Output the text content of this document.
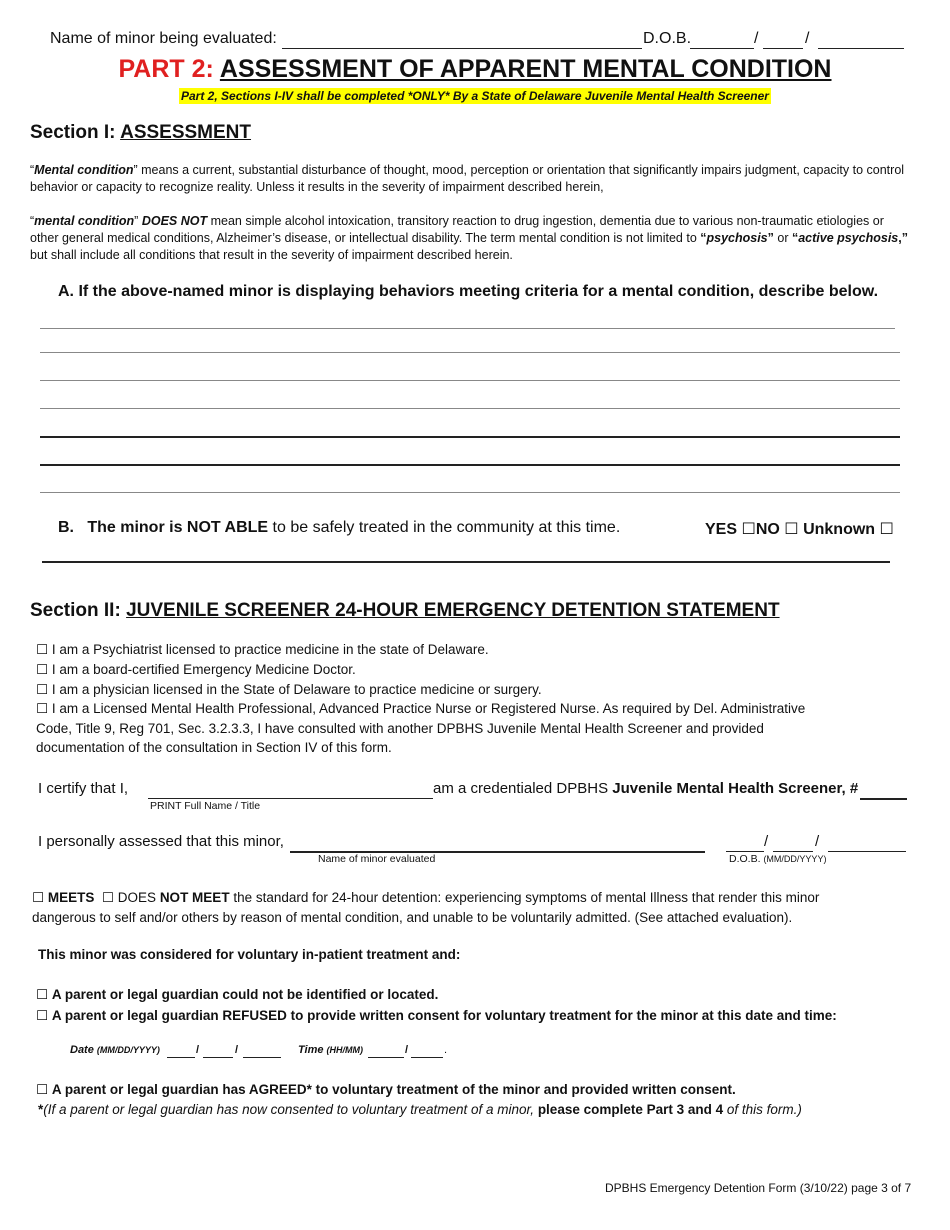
Name of minor being evaluated:	D.O.B.	/	/
PART 2: ASSESSMENT OF APPARENT MENTAL CONDITION
Part 2, Sections I-IV shall be completed *ONLY* By a State of Delaware Juvenile Mental Health Screener
Section I: ASSESSMENT
“Mental condition” means a current, substantial disturbance of thought, mood, perception or orientation that significantly impairs judgment, capacity to control behavior or capacity to recognize reality. Unless it results in the severity of impairment described herein,
“mental condition” DOES NOT mean simple alcohol intoxication, transitory reaction to drug ingestion, dementia due to various non-traumatic etiologies or other general medical conditions, Alzheimer’s disease, or intellectual disability. The term mental condition is not limited to “psychosis” or “active psychosis,” but shall include all conditions that result in the severity of impairment described herein.
A. If the above-named minor is displaying behaviors meeting criteria for a mental condition, describe below.
B. The minor is NOT ABLE to be safely treated in the community at this time.	YES ☐NO ☐ Unknown ☐
Section II: JUVENILE SCREENER 24-HOUR EMERGENCY DETENTION STATEMENT
☐ I am a Psychiatrist licensed to practice medicine in the state of Delaware.
☐ I am a board-certified Emergency Medicine Doctor.
☐ I am a physician licensed in the State of Delaware to practice medicine or surgery.
☐ I am a Licensed Mental Health Professional, Advanced Practice Nurse or Registered Nurse. As required by Del. Administrative
Code, Title 9, Reg 701, Sec. 3.2.3.3, I have consulted with another DPBHS Juvenile Mental Health Screener and provided
documentation of the consultation in Section IV of this form.
I certify that I,	am a credentialed DPBHS Juvenile Mental Health Screener, #
PRINT Full Name / Title
I personally assessed that this minor,
Name of minor evaluated
/	/
D.O.B. (MM/DD/YYYY)
☐ MEETS ☐ DOES NOT MEET the standard for 24-hour detention: experiencing symptoms of mental Illness that render this minor
dangerous to self and/or others by reason of mental condition, and unable to be voluntarily admitted. (See attached evaluation).
This minor was considered for voluntary in-patient treatment and:
☐ A parent or legal guardian could not be identified or located.
☐ A parent or legal guardian REFUSED to provide written consent for voluntary treatment for the minor at this date and time:
Date (MM/DD/YYYY)	/	/	Time (HH/MM)	/	.
☐ A parent or legal guardian has AGREED* to voluntary treatment of the minor and provided written consent.
*(If a parent or legal guardian has now consented to voluntary treatment of a minor, please complete Part 3 and 4 of this form.)
DPBHS Emergency Detention Form (3/10/22) page 3 of 7
